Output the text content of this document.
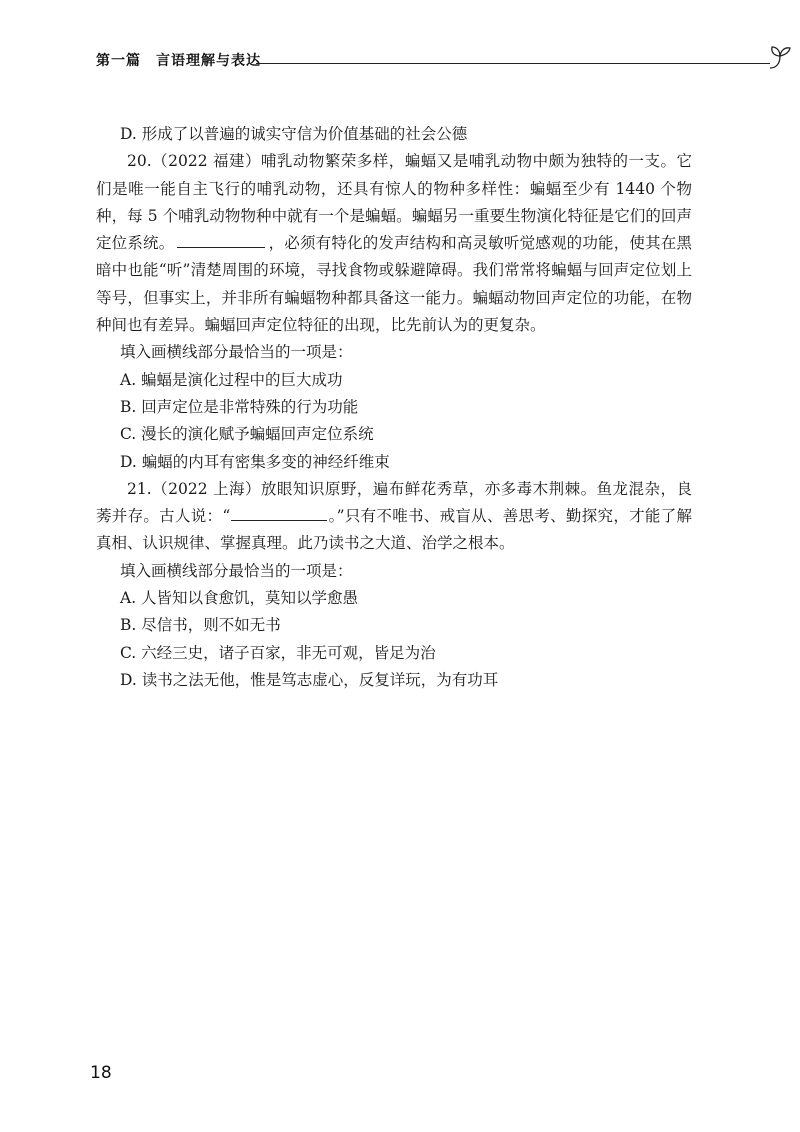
第一篇　言语理解与表达

D. 形成了以普遍的诚实守信为价值基础的社会公德

20.（2022 福建）哺乳动物繁荣多样，蝙蝠又是哺乳动物中颇为独特的一支。它们是唯一能自主飞行的哺乳动物，还具有惊人的物种多样性：蝙蝠至少有 1440 个物种，每 5 个哺乳动物物种中就有一个是蝙蝠。蝙蝠另一重要生物演化特征是它们的回声定位系统。	，必须有特化的发声结构和高灵敏听觉感观的功能，使其在黑暗中也能“听”清楚周围的环境，寻找食物或躲避障碍。我们常常将蝙蝠与回声定位划上等号，但事实上，并非所有蝙蝠物种都具备这一能力。蝙蝠动物回声定位的功能，在物种间也有差异。蝙蝠回声定位特征的出现，比先前认为的更复杂。

填入画横线部分最恰当的一项是：

A. 蝙蝠是演化过程中的巨大成功

B. 回声定位是非常特殊的行为功能

C. 漫长的演化赋予蝙蝠回声定位系统

D. 蝙蝠的内耳有密集多变的神经纤维束

21.（2022 上海）放眼知识原野，遍布鲜花秀草，亦多毒木荆棘。鱼龙混杂，良莠并存。古人说：“	。”只有不唯书、戒盲从、善思考、勤探究，才能了解真相、认识规律、掌握真理。此乃读书之大道、治学之根本。

填入画横线部分最恰当的一项是：

A. 人皆知以食愈饥，莫知以学愈愚

B. 尽信书，则不如无书

C. 六经三史，诸子百家，非无可观，皆足为治

D. 读书之法无他，惟是笃志虚心，反复详玩，为有功耳

18
